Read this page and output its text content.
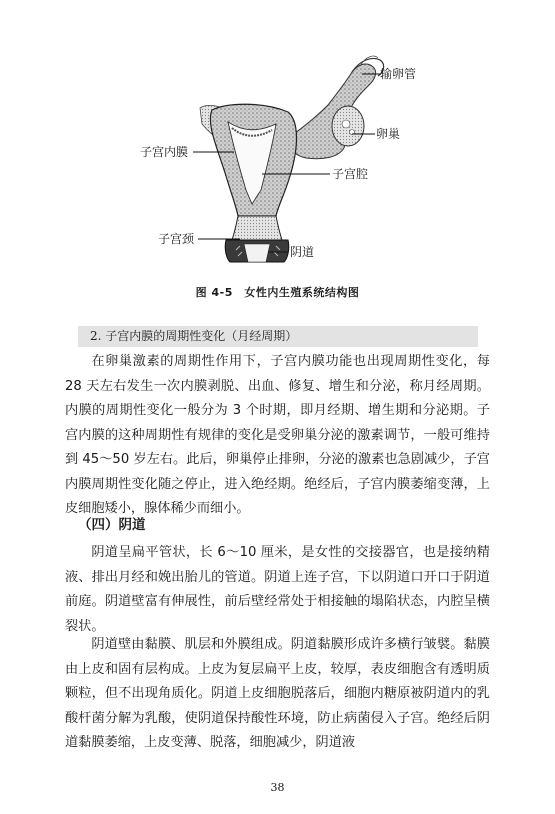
输卵管
卵巢
子宫内膜
子宫腔
子宫颈
阴道
图 4-5　女性内生殖系统结构图
2. 子宫内膜的周期性变化（月经周期）

在卵巢激素的周期性作用下，子宫内膜功能也出现周期性变化，每 28 天左右发生一次内膜剥脱、出血、修复、增生和分泌，称月经周期。内膜的周期性变化一般分为 3 个时期，即月经期、增生期和分泌期。子宫内膜的这种周期性有规律的变化是受卵巢分泌的激素调节，一般可维持到 45～50 岁左右。此后，卵巢停止排卵，分泌的激素也急剧减少，子宫内膜周期性变化随之停止，进入绝经期。绝经后，子宫内膜萎缩变薄，上皮细胞矮小，腺体稀少而细小。

（四）阴道

阴道呈扁平管状，长 6～10 厘米，是女性的交接器官，也是接纳精液、排出月经和娩出胎儿的管道。阴道上连子宫，下以阴道口开口于阴道前庭。阴道壁富有伸展性，前后壁经常处于相接触的塌陷状态，内腔呈横裂状。

阴道壁由黏膜、肌层和外膜组成。阴道黏膜形成许多横行皱襞。黏膜由上皮和固有层构成。上皮为复层扁平上皮，较厚，表皮细胞含有透明质颗粒，但不出现角质化。阴道上皮细胞脱落后，细胞内糖原被阴道内的乳酸杆菌分解为乳酸，使阴道保持酸性环境，防止病菌侵入子宫。绝经后阴道黏膜萎缩，上皮变薄、脱落，细胞减少，阴道液

38
